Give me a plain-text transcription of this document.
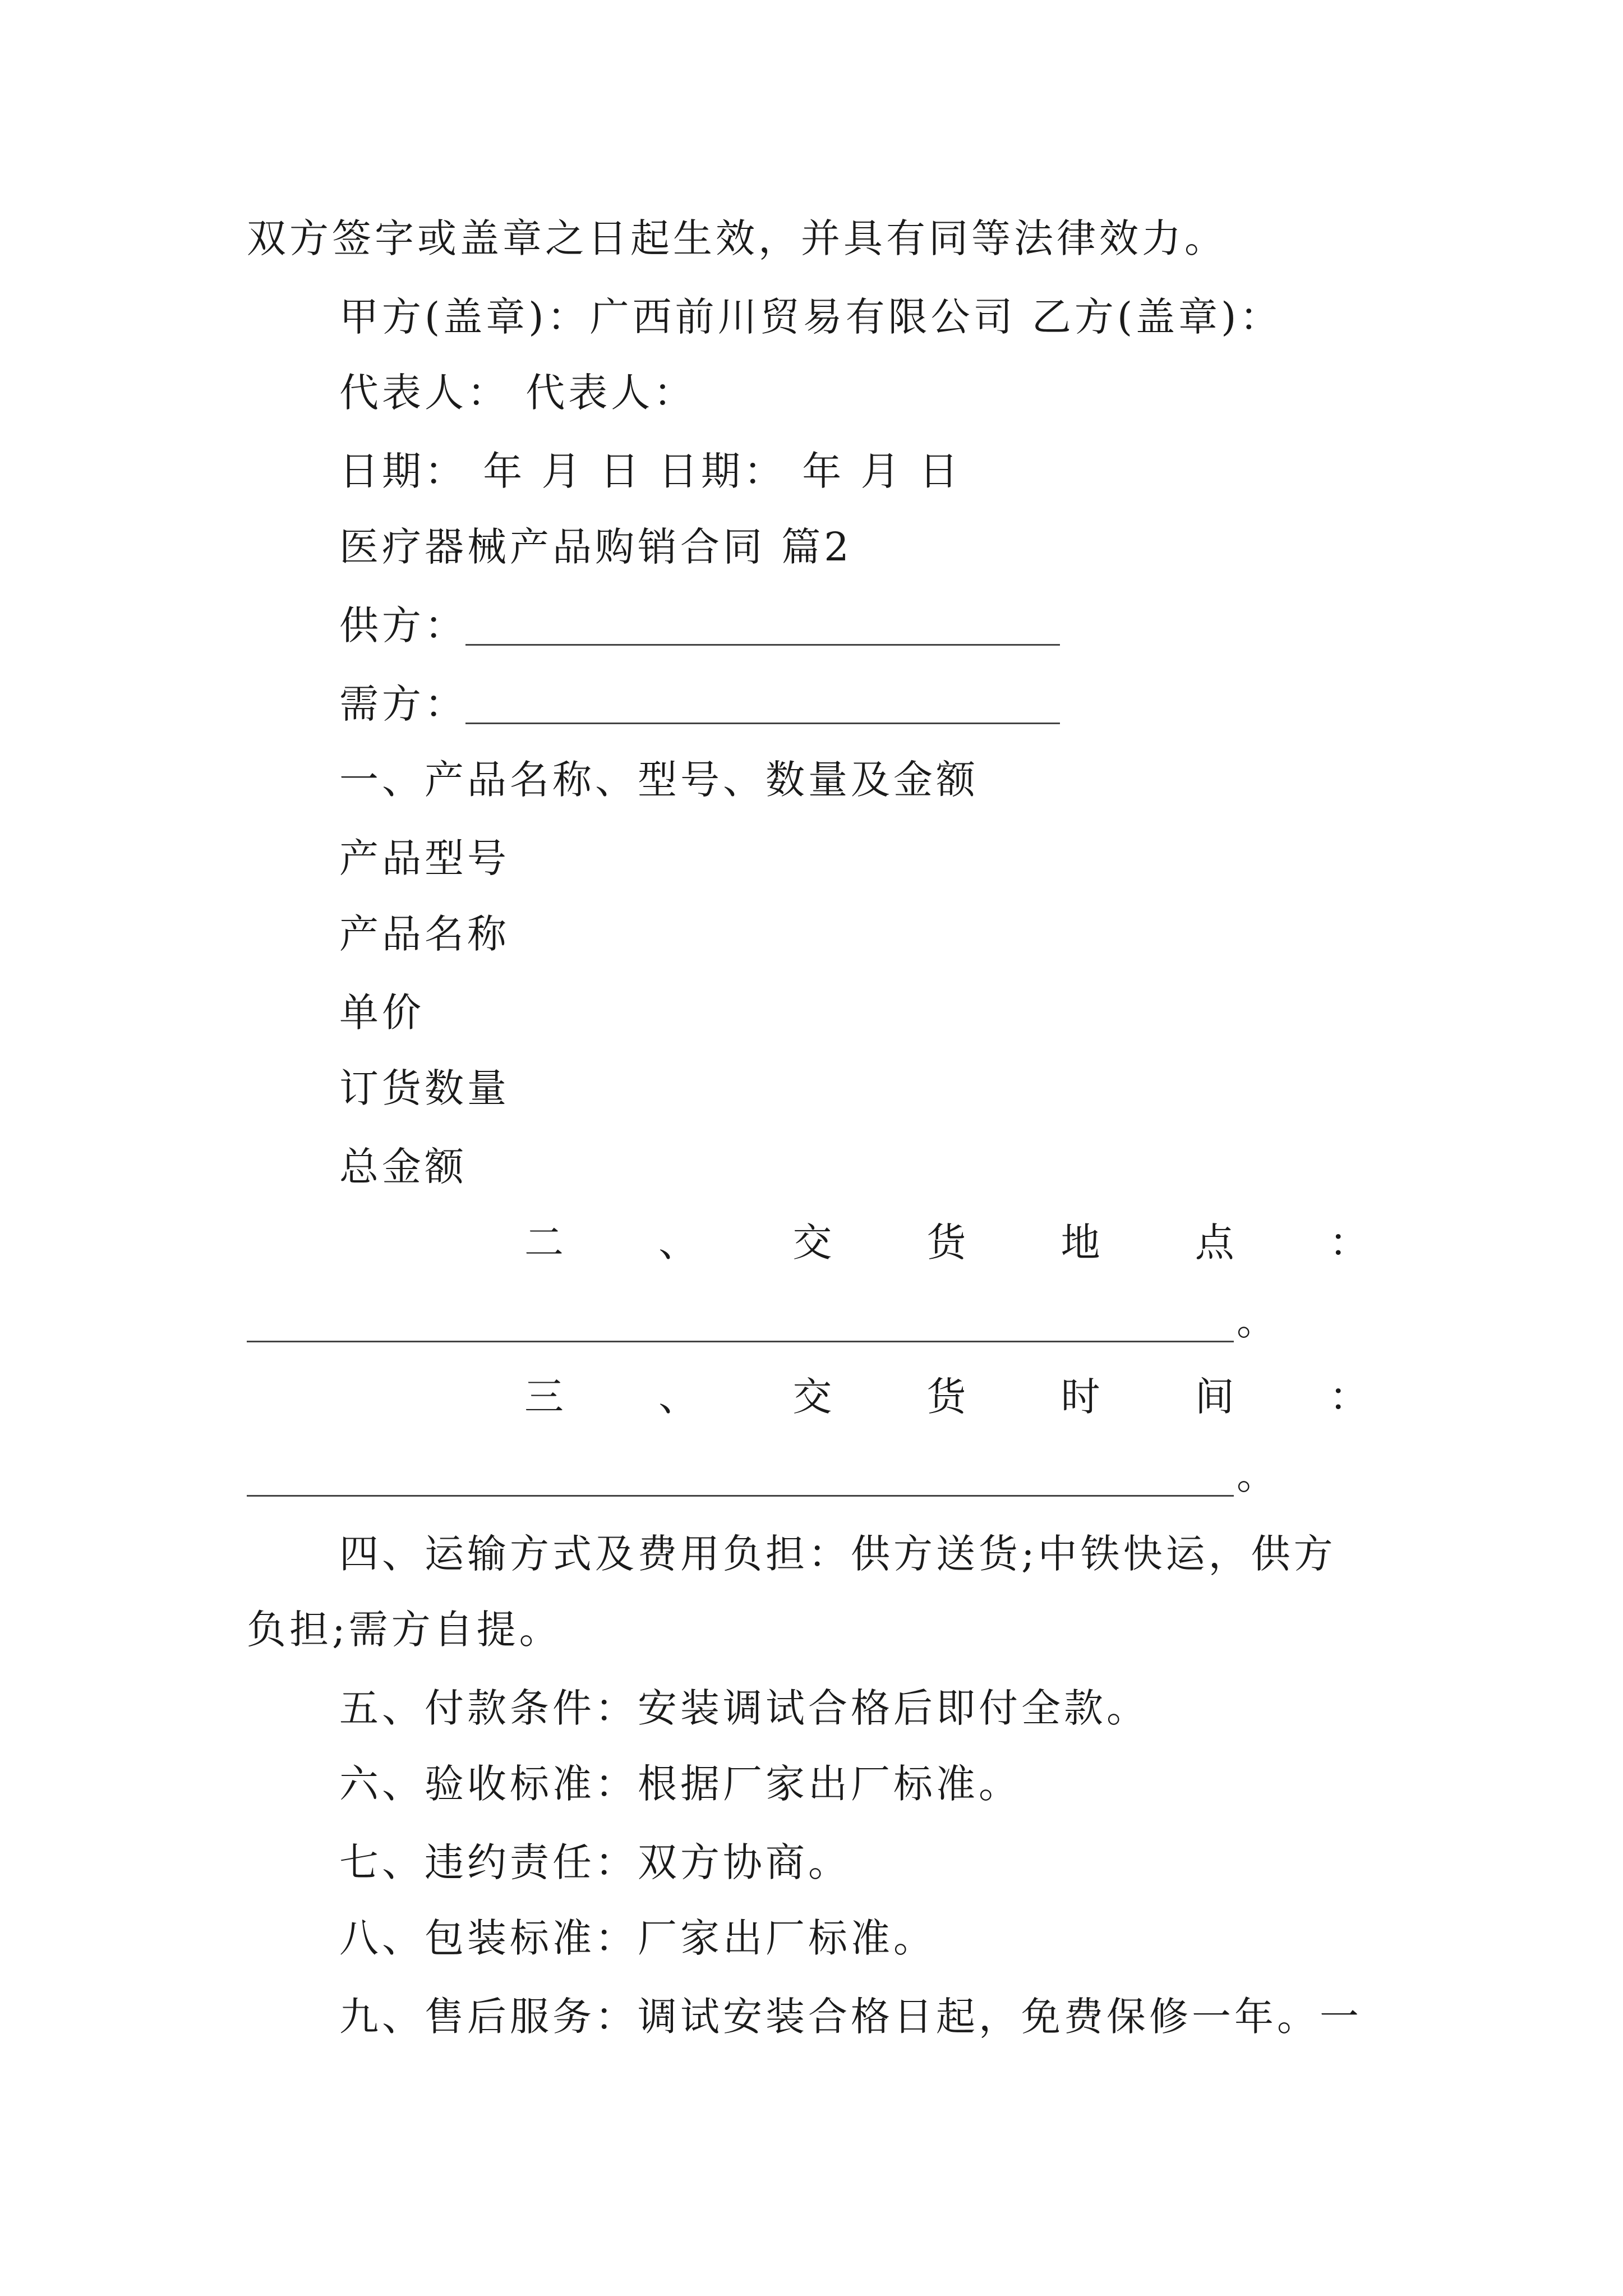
双方签字或盖章之日起生效，并具有同等法律效力。
甲方(盖章)：广西前川贸易有限公司 乙方(盖章)：
代表人： 代表人：
日期： 年 月 日 日期： 年 月 日
医疗器械产品购销合同 篇2
供方：
需方：
一、产品名称、型号、数量及金额
产品型号
产品名称
单价
订货数量
总金额
二 、 交 货 地 点 ：
。
三 、 交 货 时 间 ：
。
四、运输方式及费用负担：供方送货;中铁快运，供方
负担;需方自提。
五、付款条件：安装调试合格后即付全款。
六、验收标准：根据厂家出厂标准。
七、违约责任：双方协商。
八、包装标准：厂家出厂标准。
九、售后服务：调试安装合格日起，免费保修一年。一
